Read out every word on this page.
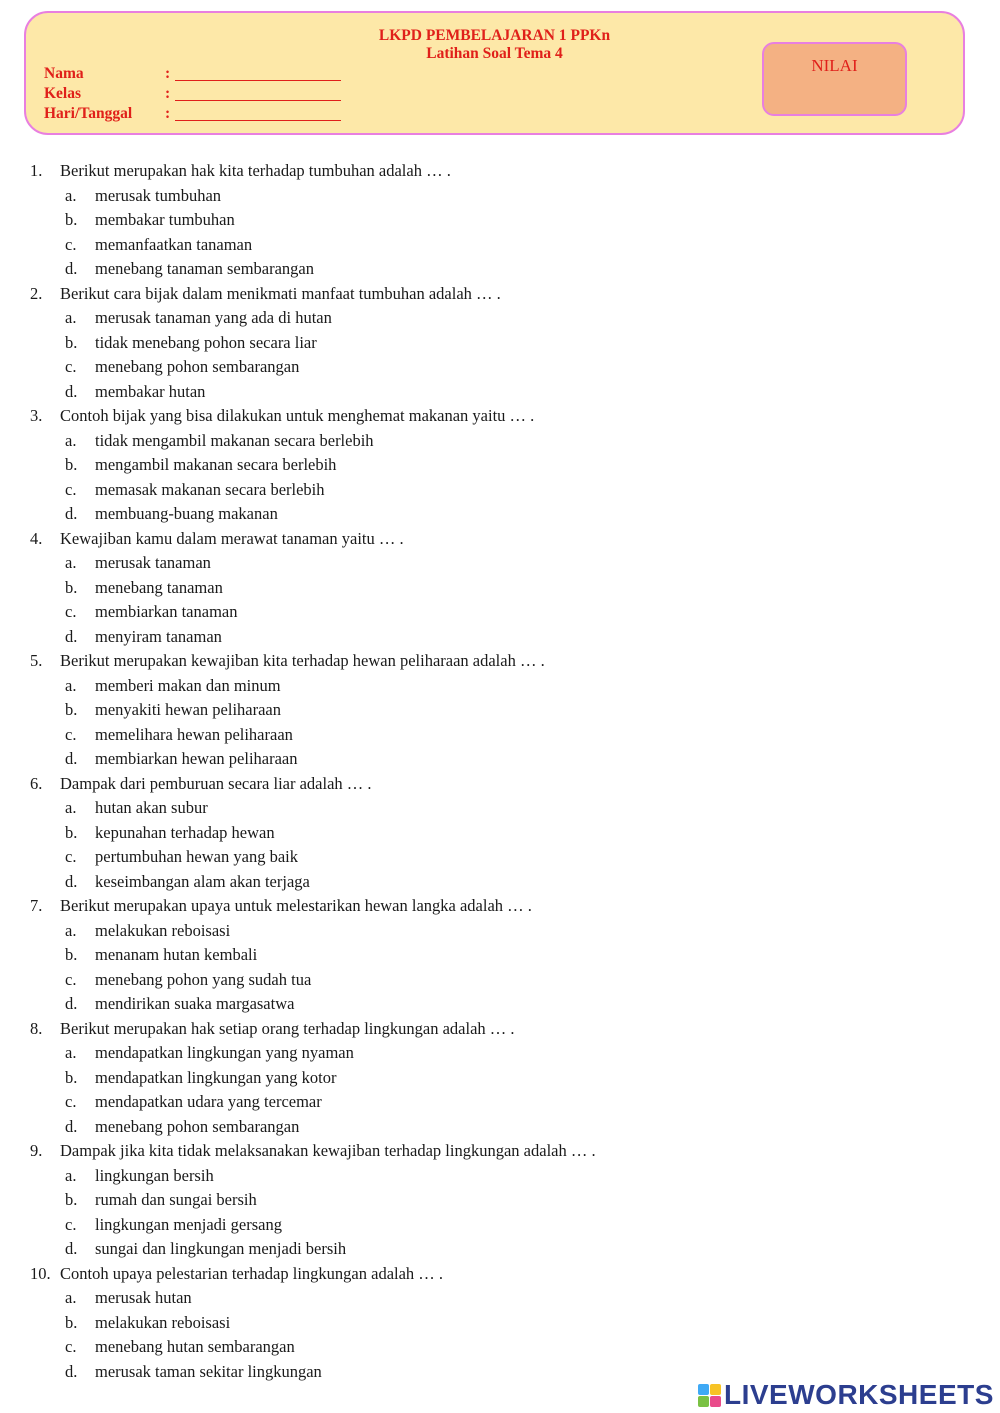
LKPD PEMBELAJARAN 1 PPKn
Latihan Soal Tema 4
Nama	:
Kelas	:
Hari/Tanggal	:
NILAI
1. Berikut merupakan hak kita terhadap tumbuhan adalah … .
a. merusak tumbuhan
b. membakar tumbuhan
c. memanfaatkan tanaman
d. menebang tanaman sembarangan
2. Berikut cara bijak dalam menikmati manfaat tumbuhan adalah … .
a. merusak tanaman yang ada di hutan
b. tidak menebang pohon secara liar
c. menebang pohon sembarangan
d. membakar hutan
3. Contoh bijak yang bisa dilakukan untuk menghemat makanan yaitu … .
a. tidak mengambil makanan secara berlebih
b. mengambil makanan secara berlebih
c. memasak makanan secara berlebih
d. membuang-buang makanan
4. Kewajiban kamu dalam merawat tanaman yaitu … .
a. merusak tanaman
b. menebang tanaman
c. membiarkan tanaman
d. menyiram tanaman
5. Berikut merupakan kewajiban kita terhadap hewan peliharaan adalah … .
a. memberi makan dan minum
b. menyakiti hewan peliharaan
c. memelihara hewan peliharaan
d. membiarkan hewan peliharaan
6. Dampak dari pemburuan secara liar adalah … .
a. hutan akan subur
b. kepunahan terhadap hewan
c. pertumbuhan hewan yang baik
d. keseimbangan alam akan terjaga
7. Berikut merupakan upaya untuk melestarikan hewan langka adalah … .
a. melakukan reboisasi
b. menanam hutan kembali
c. menebang pohon yang sudah tua
d. mendirikan suaka margasatwa
8. Berikut merupakan hak setiap orang terhadap lingkungan adalah … .
a. mendapatkan lingkungan yang nyaman
b. mendapatkan lingkungan yang kotor
c. mendapatkan udara yang tercemar
d. menebang pohon sembarangan
9. Dampak jika kita tidak melaksanakan kewajiban terhadap lingkungan adalah … .
a. lingkungan bersih
b. rumah dan sungai bersih
c. lingkungan menjadi gersang
d. sungai dan lingkungan menjadi bersih
10. Contoh upaya pelestarian terhadap lingkungan adalah … .
a. merusak hutan
b. melakukan reboisasi
c. menebang hutan sembarangan
d. merusak taman sekitar lingkungan
LIVEWORKSHEETS
